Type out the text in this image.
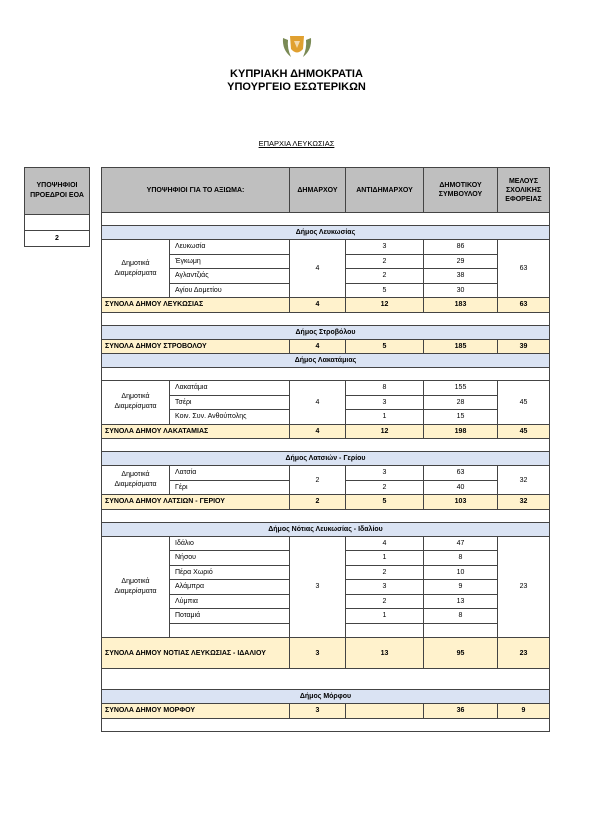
ΚΥΠΡΙΑΚΗ ΔΗΜΟΚΡΑΤΙΑ
ΥΠΟΥΡΓΕΙΟ ΕΣΩΤΕΡΙΚΩΝ
ΕΠΑΡΧΙΑ ΛΕΥΚΩΣΙΑΣ
ΥΠΟΨΗΦΙΟΙ ΠΡΟΕΔΡΟΙ ΕΟΑ

2
ΥΠΟΨΗΦΙΟΙ ΓΙΑ ΤΟ ΑΞΙΩΜΑ:		ΔΗΜΑΡΧΟΥ	ΑΝΤΙΔΗΜΑΡΧΟΥ	ΔΗΜΟΤΙΚΟΥ ΣΥΜΒΟΥΛΟΥ	ΜΕΛΟΥΣ ΣΧΟΛΙΚΗΣ ΕΦΟΡΕΙΑΣ

Δήμος Λευκωσίας					
Δημοτικά Διαμερίσματα	Λευκωσία	4	3	86	63
	Έγκωμη		2	29	
	Αγλαντζιάς		2	38	
	Αγίου Δομετίου		5	30	
ΣΥΝΟΛΑ ΔΗΜΟΥ ΛΕΥΚΩΣΙΑΣ		4	12	183	63

Δήμος Στροβόλου					
ΣΥΝΟΛΑ ΔΗΜΟΥ ΣΤΡΟΒΟΛΟΥ		4	5	185	39
Δήμος Λακατάμιας					

Δημοτικά Διαμερίσματα	Λακατάμια	4	8	155	45
	Τσέρι		3	28	
	Κοιν. Συν. Ανθούπολης		1	15	
ΣΥΝΟΛΑ ΔΗΜΟΥ ΛΑΚΑΤΑΜΙΑΣ		4	12	198	45

Δήμος Λατσιών - Γερίου					
Δημοτικά Διαμερίσματα	Λατσία	2	3	63	32
	Γέρι		2	40	
ΣΥΝΟΛΑ ΔΗΜΟΥ ΛΑΤΣΙΩΝ - ΓΕΡΙΟΥ		2	5	103	32

Δήμος Νότιας Λευκωσίας - Ιδαλίου					
Δημοτικά Διαμερίσματα	Ιδάλιο	3	4	47	23
	Νήσου		1	8	
	Πέρα Χωριό		2	10	
	Αλάμπρα		3	9	
	Λύμπια		2	13	
	Ποταμιά		1	8	

ΣΥΝΟΛΑ ΔΗΜΟΥ ΝΟΤΙΑΣ ΛΕΥΚΩΣΙΑΣ - ΙΔΑΛΙΟΥ		3	13	95	23

Δήμος Μόρφου					
ΣΥΝΟΛΑ ΔΗΜΟΥ ΜΟΡΦΟΥ		3		36	9
